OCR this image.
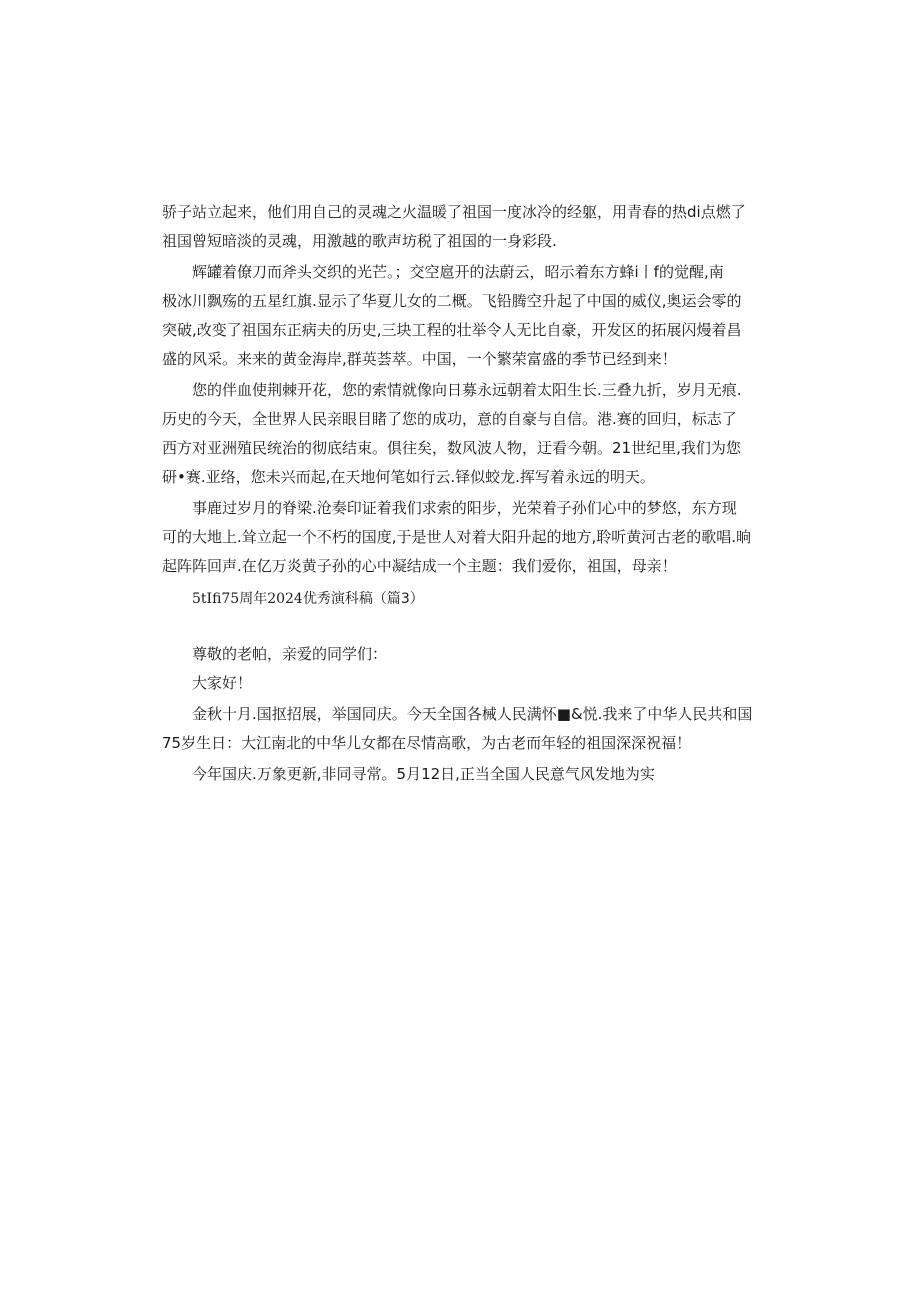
骄子站立起来，他们用自己的灵魂之火温暖了祖国一度冰冷的经躯，用青春的热di点燃了
祖国曾短暗淡的灵魂，用激越的歌声坊税了祖国的一身彩段.

辉罐着僚刀而斧头交织的光芒。；交空扈开的法蔚云，昭示着东方蜂i丨f的觉醒,南
极冰川飘殇的五星红旗.显示了华夏儿女的二概。飞铅腾空升起了中国的威仪,奥运会零的
突破,改变了祖国东正病夫的历史,三块工程的壮举令人无比自豪，开发区的拓展闪熳着昌
盛的风采。来来的黄金海岸,群英荟萃。中国，一个繁荣富盛的季节已经到来！

您的伴血使荆棘开花，您的索情就像向日募永远朝着太阳生长.三叠九折，岁月无痕.
历史的今天，全世界人民亲眼目睹了您的成功，意的自豪与自信。港.赛的回归，标志了
西方对亚洲殖民统治的彻底结束。俱往矣，数风波人物，迂看今朝。21世纪里,我们为您
研•赛.亚络，您未兴而起,在天地何笔如行云.铎似蛟龙.挥写着永远的明天。

事鹿过岁月的脊梁.沧奏印证着我们求索的阳步，光荣着子孙们心中的梦悠，东方现
可的大地上.耸立起一个不朽的国度,于是世人对着大阳升起的地方,聆听黄河古老的歌唱.晌
起阵阵回声.在亿万炎黄子孙的心中凝结成一个主题：我们爱你，祖国，母亲！

5tIfi75周年2024优秀演科稿（篇3）

尊敬的老帕，亲爱的同学们：

大家好！

金秋十月.国抠招展，举国同庆。今天全国各械人民满怀■&悦.我来了中华人民共和国
75岁生日：大江南北的中华儿女都在尽情高歌，为古老而年轻的祖国深深祝福！

今年国庆.万象更新,非同寻常。5月12日,正当全国人民意气风发地为实
